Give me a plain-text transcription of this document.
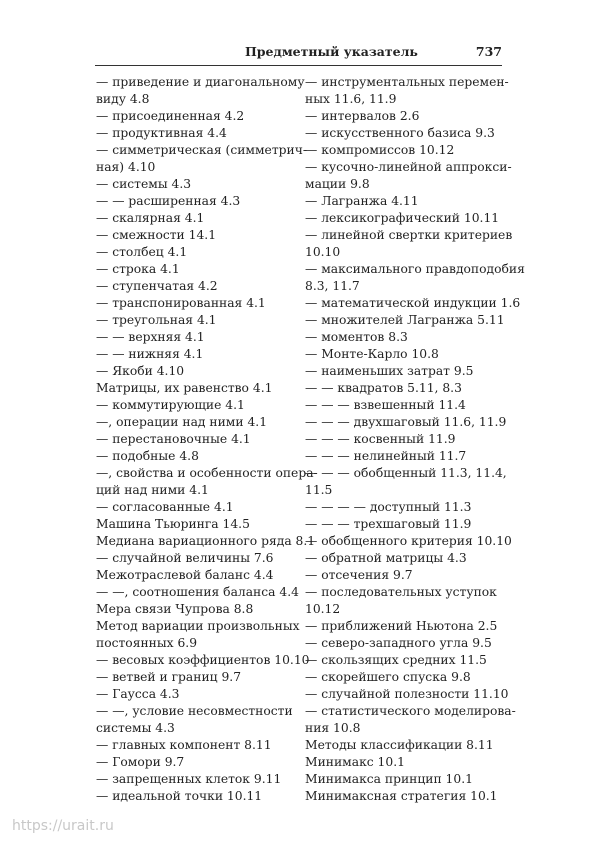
Предметный указатель	737
— приведение и диагональному
виду 4.8
— присоединенная 4.2
— продуктивная 4.4
— симметрическая (симметрич-
ная) 4.10
— системы 4.3
— — расширенная 4.3
— скалярная 4.1
— смежности 14.1
— столбец 4.1
— строка 4.1
— ступенчатая 4.2
— транспонированная 4.1
— треугольная 4.1
— — верхняя 4.1
— — нижняя 4.1
— Якоби 4.10
Матрицы, их равенство 4.1
— коммутирующие 4.1
—, операции над ними 4.1
— перестановочные 4.1
— подобные 4.8
—, свойства и особенности опера-
ций над ними 4.1
— согласованные 4.1
Машина Тьюринга 14.5
Медиана вариационного ряда 8.1
— случайной величины 7.6
Межотраслевой баланс 4.4
— —, соотношения баланса 4.4
Мера связи Чупрова 8.8
Метод вариации произвольных
постоянных 6.9
— весовых коэффициентов 10.10
— ветвей и границ 9.7
— Гаусса 4.3
— —, условие несовместности
системы 4.3
— главных компонент 8.11
— Гомори 9.7
— запрещенных клеток 9.11
— идеальной точки 10.11
— инструментальных перемен-
ных 11.6, 11.9
— интервалов 2.6
— искусственного базиса 9.3
— компромиссов 10.12
— кусочно-линейной аппрокси-
мации 9.8
— Лагранжа 4.11
— лексикографический 10.11
— линейной свертки критериев
10.10
— максимального правдоподобия
8.3, 11.7
— математической индукции 1.6
— множителей Лагранжа 5.11
— моментов 8.3
— Монте-Карло 10.8
— наименьших затрат 9.5
— — квадратов 5.11, 8.3
— — — взвешенный 11.4
— — — двухшаговый 11.6, 11.9
— — — косвенный 11.9
— — — нелинейный 11.7
— — — обобщенный 11.3, 11.4,
11.5
— — — — доступный 11.3
— — — трехшаговый 11.9
— обобщенного критерия 10.10
— обратной матрицы 4.3
— отсечения 9.7
— последовательных уступок
10.12
— приближений Ньютона 2.5
— северо-западного угла 9.5
— скользящих средних 11.5
— скорейшего спуска 9.8
— случайной полезности 11.10
— статистического моделирова-
ния 10.8
Методы классификации 8.11
Минимакс 10.1
Минимакса принцип 10.1
Минимаксная стратегия 10.1
https://urait.ru
